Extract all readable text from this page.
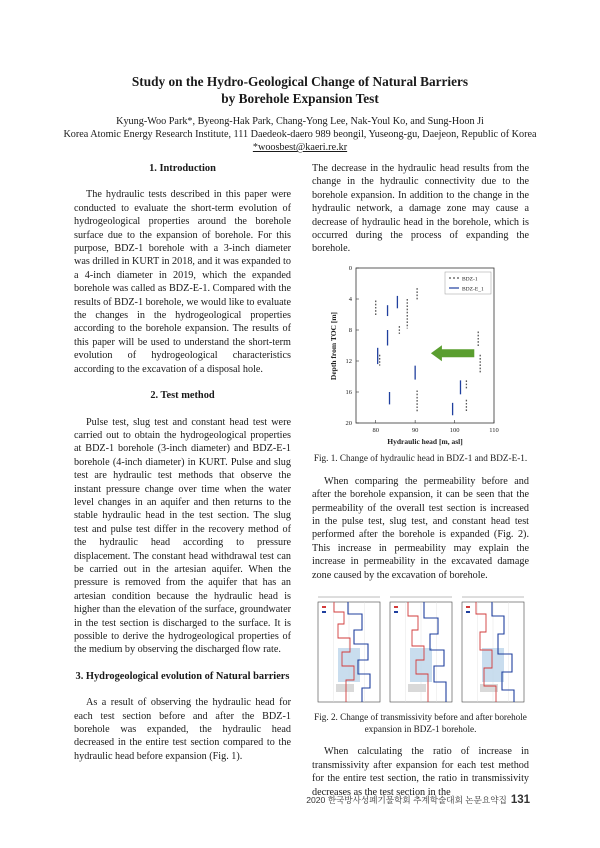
Study on the Hydro-Geological Change of Natural Barriers
by Borehole Expansion Test
Kyung-Woo Park*, Byeong-Hak Park, Chang-Yong Lee, Nak-Youl Ko, and Sung-Hoon Ji
Korea Atomic Energy Research Institute, 111 Daedeok-daero 989 beongil, Yuseong-gu, Daejeon, Republic of Korea
*woosbest@kaeri.re.kr

1. Introduction

The hydraulic tests described in this paper were conducted to evaluate the short-term evolution of hydrogeological properties around the borehole surface due to the expansion of borehole. For this purpose, BDZ-1 borehole with a 3-inch diameter was drilled in KURT in 2018, and it was expanded to a 4-inch diameter in 2019, which the expanded borehole was called as BDZ-E-1. Compared with the results of BDZ-1 borehole, we would like to evaluate the changes in the hydrogeological properties according to the borehole expansion. The results of this paper will be used to understand the short-term evolution of hydrogeological characteristics according to the excavation of a disposal hole.

2. Test method

Pulse test, slug test and constant head test were carried out to obtain the hydrogeological properties at BDZ-1 borehole (3-inch diameter) and BDZ-E-1 borehole (4-inch diameter) in KURT. Pulse and slug test are hydraulic test methods that observe the instant pressure change over time when the water level changes in an aquifer and then returns to the stable hydraulic head in the test section. The slug test and pulse test differ in the recovery method of the hydraulic head according to pressure displacement. The constant head withdrawal test can be carried out in the artesian aquifer. When the pressure is removed from the aquifer that has an artesian condition because the hydraulic head is higher than the elevation of the surface, groundwater in the test section is discharged to the surface. It is possible to derive the hydrogeological properties of the medium by observing the discharged flow rate.

3. Hydrogeological evolution of Natural barriers

As a result of observing the hydraulic head for each test section before and after the BDZ-1 borehole was expanded, the hydraulic head decreased in the entire test section compared to the hydraulic head before expansion (Fig. 1).

The decrease in the hydraulic head results from the change in the hydraulic connectivity due to the borehole expansion. In addition to the change in the hydraulic network, a damage zone may cause a decrease of hydraulic head in the borehole, which is occurred during the process of expanding the borehole.

80	90	100	110
0
4
8
12
16
20
BDZ-1
BDZ-E_1
Depth from TOC [m]
Hydraulic head [m, asl]

Fig. 1. Change of hydraulic head in BDZ-1 and BDZ-E-1.

When comparing the permeability before and after the borehole expansion, it can be seen that the permeability of the overall test section is increased in the pulse test, slug test, and constant head test performed after the borehole is expanded (Fig. 2). This increase in permeability may explain the increase in permeability in the excavated damage zone caused by the excavation of borehole.

Fig. 2. Change of transmissivity before and after borehole expansion in BDZ-1 borehole.

When calculating the ratio of increase in transmissivity after expansion for each test method for the entire test section, the ratio in transmissivity decreases as the test section in the

2020 한국방사성폐기물학회 추계학술대회 논문요약집 131
